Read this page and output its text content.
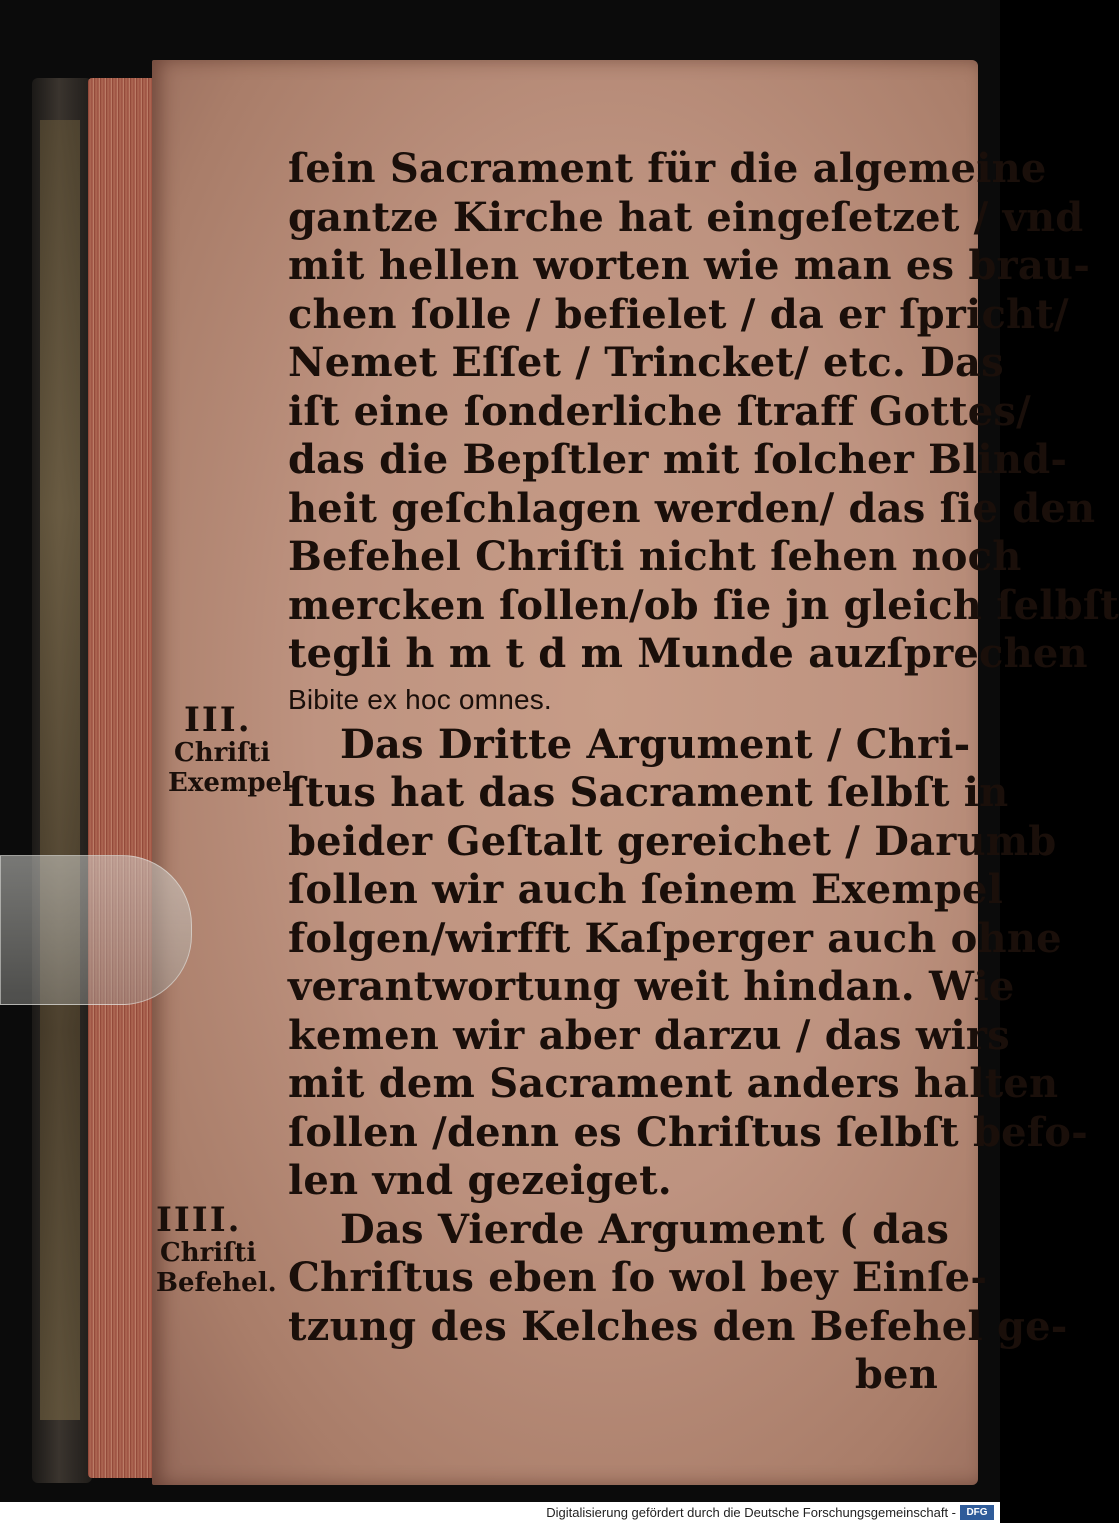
III.
Chriſti
Exempel
IIII.
Chriſti
Befehel.
ſein Sacrament für die algemeine
gantze Kirche hat eingeſetzet / vnd
mit hellen worten wie man es brau-
chen ſolle / befielet / da er ſpricht/
Nemet Eſſet / Trincket/ etc. Das
iſt eine ſonderliche ſtraff Gottes/
das die Bepſtler mit ſolcher Blind-
heit geſchlagen werden/ das ſie den
Befehel Chriſti nicht ſehen noch
mercken ſollen/ob ſie jn gleich ſelbſt
tegli h m t d m Munde auzſprechen
Bibite ex hoc omnes.
Das Dritte Argument / Chri-
ſtus hat das Sacrament ſelbſt in
beider Geſtalt gereichet / Darumb
ſollen wir auch ſeinem Exempel
folgen/wirfft Kaſperger auch ohne
verantwortung weit hindan. Wie
kemen wir aber darzu / das wirs
mit dem Sacrament anders halten
ſollen /denn es Chriſtus ſelbſt befo-
len vnd gezeiget.
Das Vierde Argument ( das
Chriſtus eben ſo wol bey Einſe-
tzung des Kelches den Befehel ge-
ben
Digitalisierung gefördert durch die Deutsche Forschungsgemeinschaft -	DFG
